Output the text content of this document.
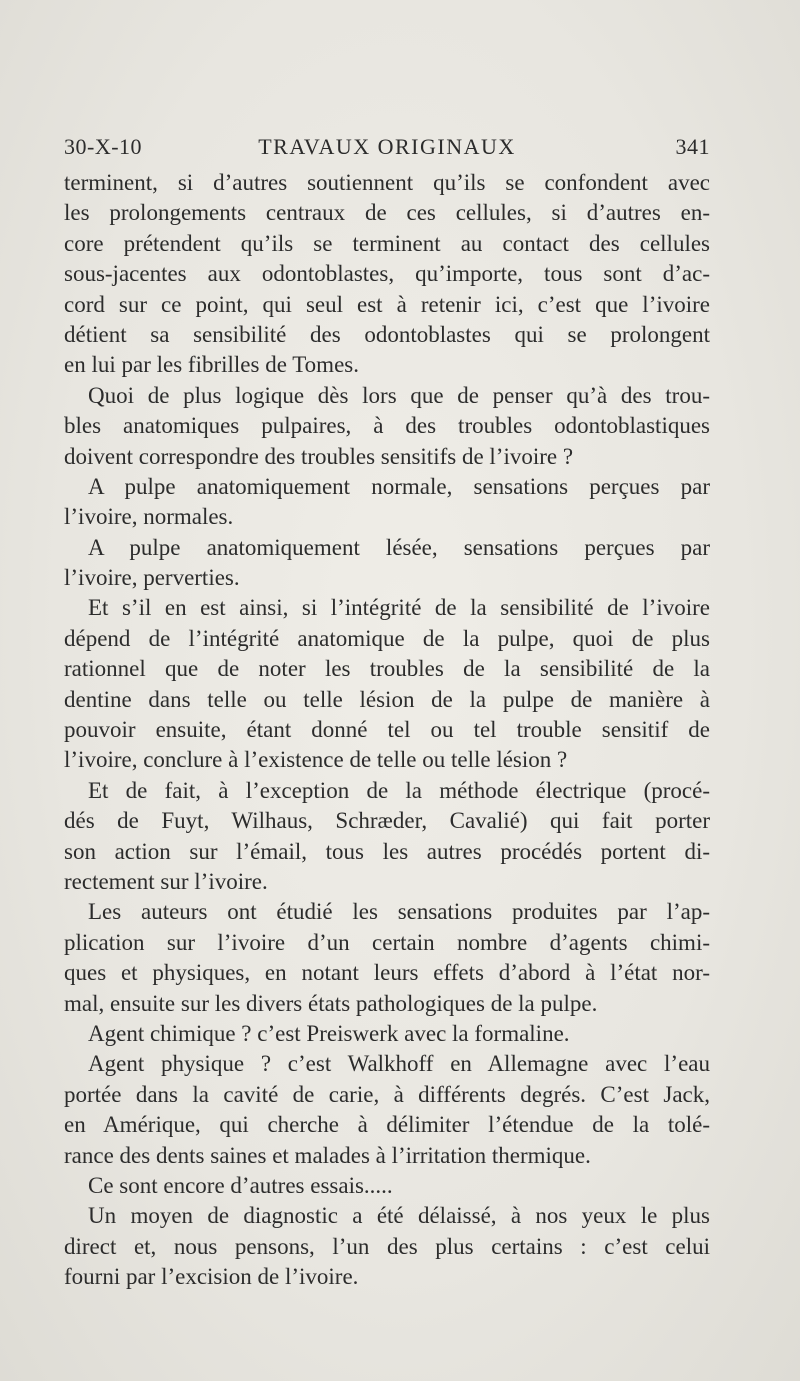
30-X-10	TRAVAUX ORIGINAUX	341
terminent, si d’autres soutiennent qu’ils se confondent avec
les prolongements centraux de ces cellules, si d’autres en-
core prétendent qu’ils se terminent au contact des cellules
sous-jacentes aux odontoblastes, qu’importe, tous sont d’ac-
cord sur ce point, qui seul est à retenir ici, c’est que l’ivoire
détient sa sensibilité des odontoblastes qui se prolongent
en lui par les fibrilles de Tomes.
Quoi de plus logique dès lors que de penser qu’à des trou-
bles anatomiques pulpaires, à des troubles odontoblastiques
doivent correspondre des troubles sensitifs de l’ivoire ?
A pulpe anatomiquement normale, sensations perçues par
l’ivoire, normales.
A pulpe anatomiquement lésée, sensations perçues par
l’ivoire, perverties.
Et s’il en est ainsi, si l’intégrité de la sensibilité de l’ivoire
dépend de l’intégrité anatomique de la pulpe, quoi de plus
rationnel que de noter les troubles de la sensibilité de la
dentine dans telle ou telle lésion de la pulpe de manière à
pouvoir ensuite, étant donné tel ou tel trouble sensitif de
l’ivoire, conclure à l’existence de telle ou telle lésion ?
Et de fait, à l’exception de la méthode électrique (procé-
dés de Fuyt, Wilhaus, Schræder, Cavalié) qui fait porter
son action sur l’émail, tous les autres procédés portent di-
rectement sur l’ivoire.
Les auteurs ont étudié les sensations produites par l’ap-
plication sur l’ivoire d’un certain nombre d’agents chimi-
ques et physiques, en notant leurs effets d’abord à l’état nor-
mal, ensuite sur les divers états pathologiques de la pulpe.
Agent chimique ? c’est Preiswerk avec la formaline.
Agent physique ? c’est Walkhoff en Allemagne avec l’eau
portée dans la cavité de carie, à différents degrés. C’est Jack,
en Amérique, qui cherche à délimiter l’étendue de la tolé-
rance des dents saines et malades à l’irritation thermique.
Ce sont encore d’autres essais.....
Un moyen de diagnostic a été délaissé, à nos yeux le plus
direct et, nous pensons, l’un des plus certains : c’est celui
fourni par l’excision de l’ivoire.
